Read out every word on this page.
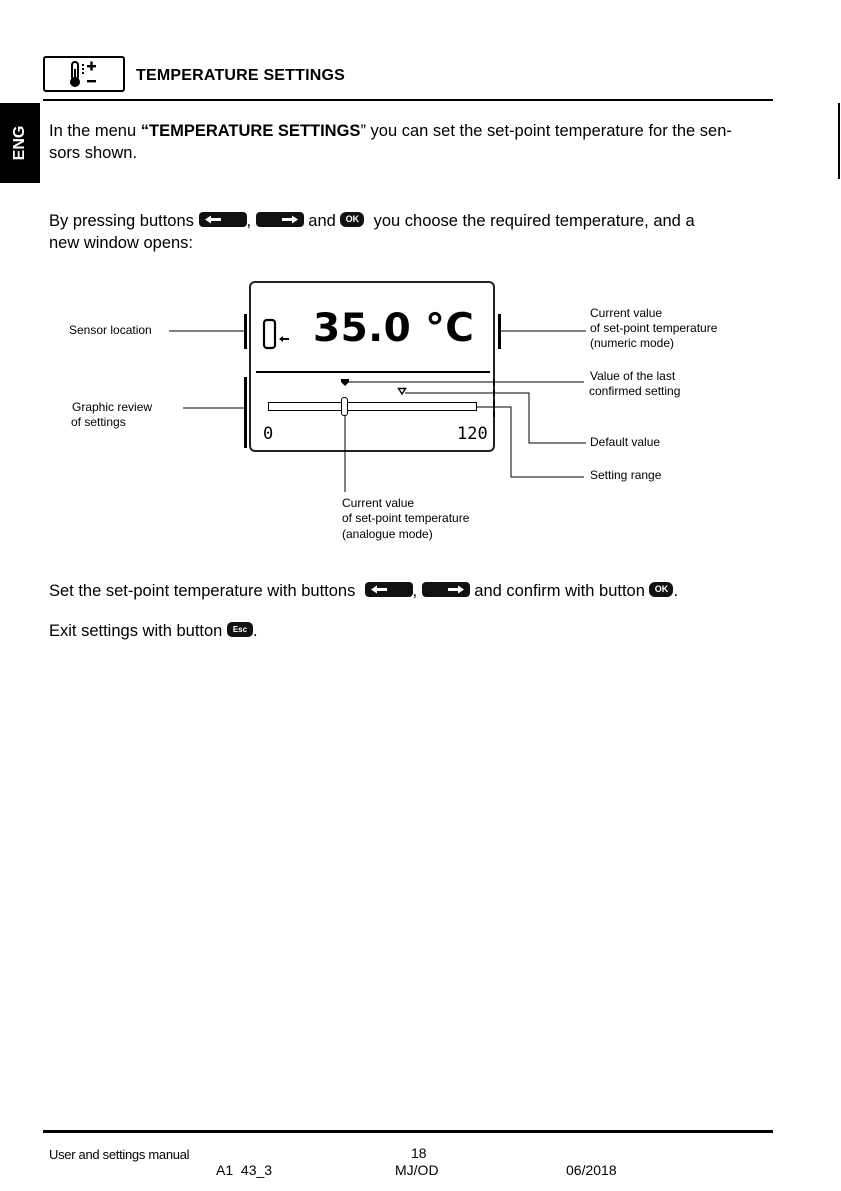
TEMPERATURE SETTINGS
ENG In the menu “TEMPERATURE SETTINGS” you can set the set-point temperature for the sen-
sors shown.
By pressing buttons	,	and OK you choose the required temperature, and a
new window opens:
35.0 °C
0	120
Sensor location
Graphic review
of settings
Current value
of set-point temperature
(numeric mode)
Value of the last
confirmed setting
Default value
Setting range
Current value
of set-point temperature
(analogue mode)
Set the set-point temperature with buttons	,	and confirm with button OK .
Exit settings with button Esc .
User and settings manual	18
A1  43_3	MJ/OD	06/2018
